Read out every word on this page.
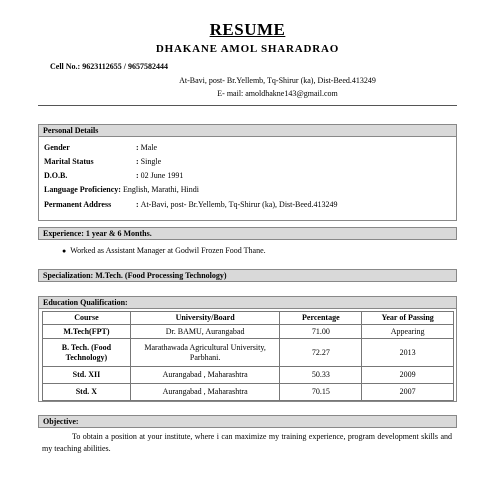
RESUME
DHAKANE AMOL SHARADRAO
Cell No.: 9623112655 / 9657582444
At-Bavi, post- Br.Yellemb, Tq-Shirur (ka), Dist-Beed.413249
E- mail: amoldhakne143@gmail.com
Personal Details
Gender	: Male
Marital Status	: Single
D.O.B.	: 02 June 1991
Language Proficiency: English, Marathi, Hindi
Permanent Address	: At-Bavi, post- Br.Yellemb, Tq-Shirur (ka), Dist-Beed.413249
Experience: 1 year & 6 Months.
● Worked as Assistant Manager at Godwil Frozen Food Thane.
Specialization: M.Tech. (Food Processing Technology)
Education Qualification:
Course	University/Board	Percentage	Year of Passing
M.Tech(FPT)	Dr. BAMU, Aurangabad	71.00	Appearing
B. Tech. (Food Technology)	Marathawada Agricultural University, Parbhani.	72.27	2013
Std. XII	Aurangabad , Maharashtra	50.33	2009
Std. X	Aurangabad , Maharashtra	70.15	2007
Objective:
To obtain a position at your institute, where i can maximize my training experience, program development skills and my teaching abilities.
